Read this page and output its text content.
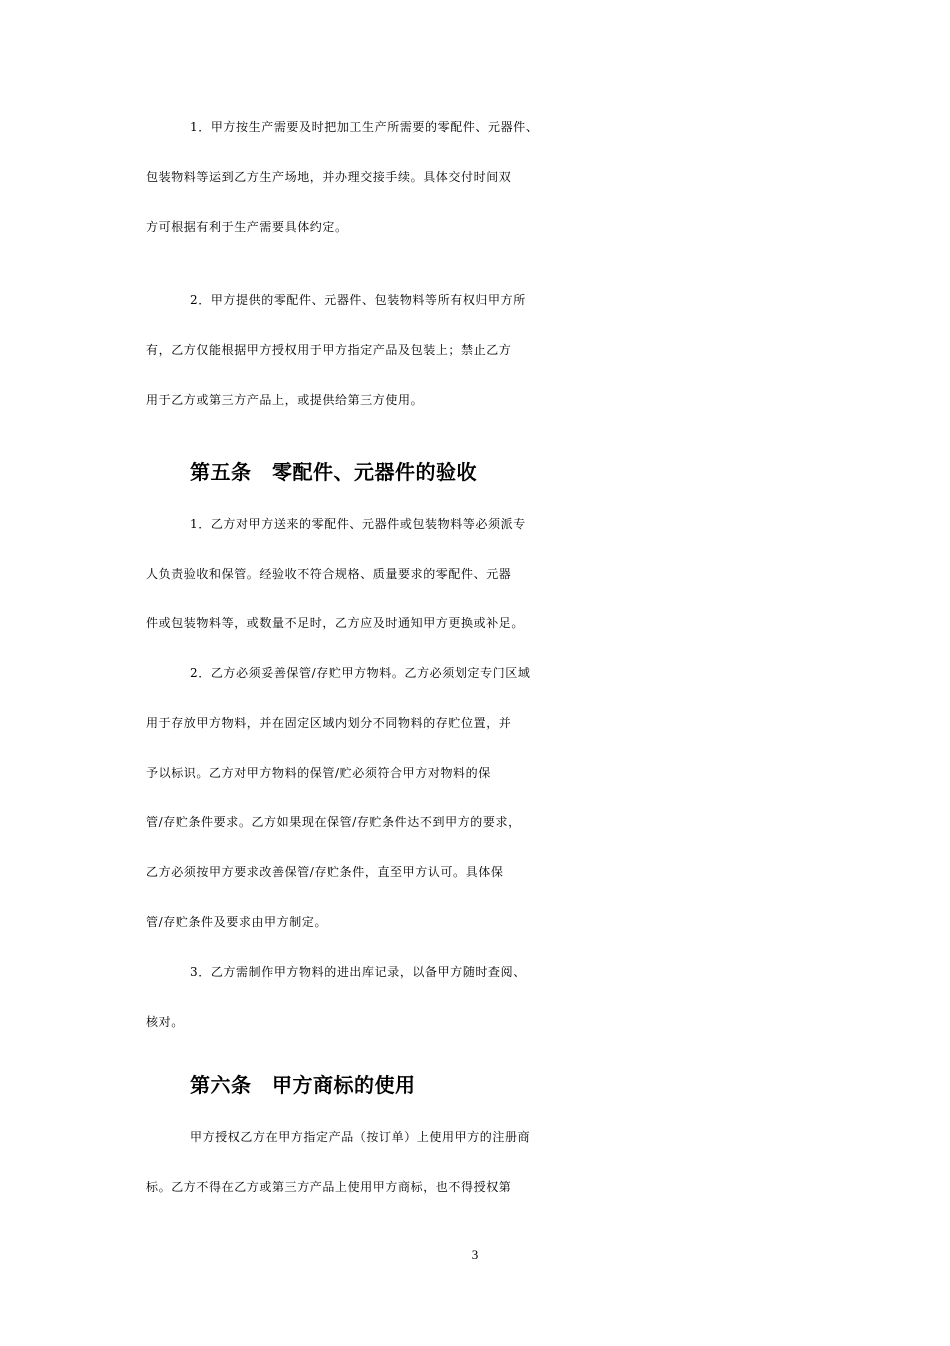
1．甲方按生产需要及时把加工生产所需要的零配件、元器件、
包装物料等运到乙方生产场地，并办理交接手续。具体交付时间双
方可根据有利于生产需要具体约定。
2．甲方提供的零配件、元器件、包装物料等所有权归甲方所
有，乙方仅能根据甲方授权用于甲方指定产品及包装上；禁止乙方
用于乙方或第三方产品上，或提供给第三方使用。
第五条　零配件、元器件的验收
1．乙方对甲方送来的零配件、元器件或包装物料等必须派专
人负责验收和保管。经验收不符合规格、质量要求的零配件、元器
件或包装物料等，或数量不足时，乙方应及时通知甲方更换或补足。
2．乙方必须妥善保管/存贮甲方物料。乙方必须划定专门区域
用于存放甲方物料，并在固定区域内划分不同物料的存贮位置，并
予以标识。乙方对甲方物料的保管/贮必须符合甲方对物料的保
管/存贮条件要求。乙方如果现在保管/存贮条件达不到甲方的要求，
乙方必须按甲方要求改善保管/存贮条件，直至甲方认可。具体保
管/存贮条件及要求由甲方制定。
3．乙方需制作甲方物料的进出库记录，以备甲方随时查阅、
核对。
第六条　甲方商标的使用
甲方授权乙方在甲方指定产品（按订单）上使用甲方的注册商
标。乙方不得在乙方或第三方产品上使用甲方商标，也不得授权第
3
